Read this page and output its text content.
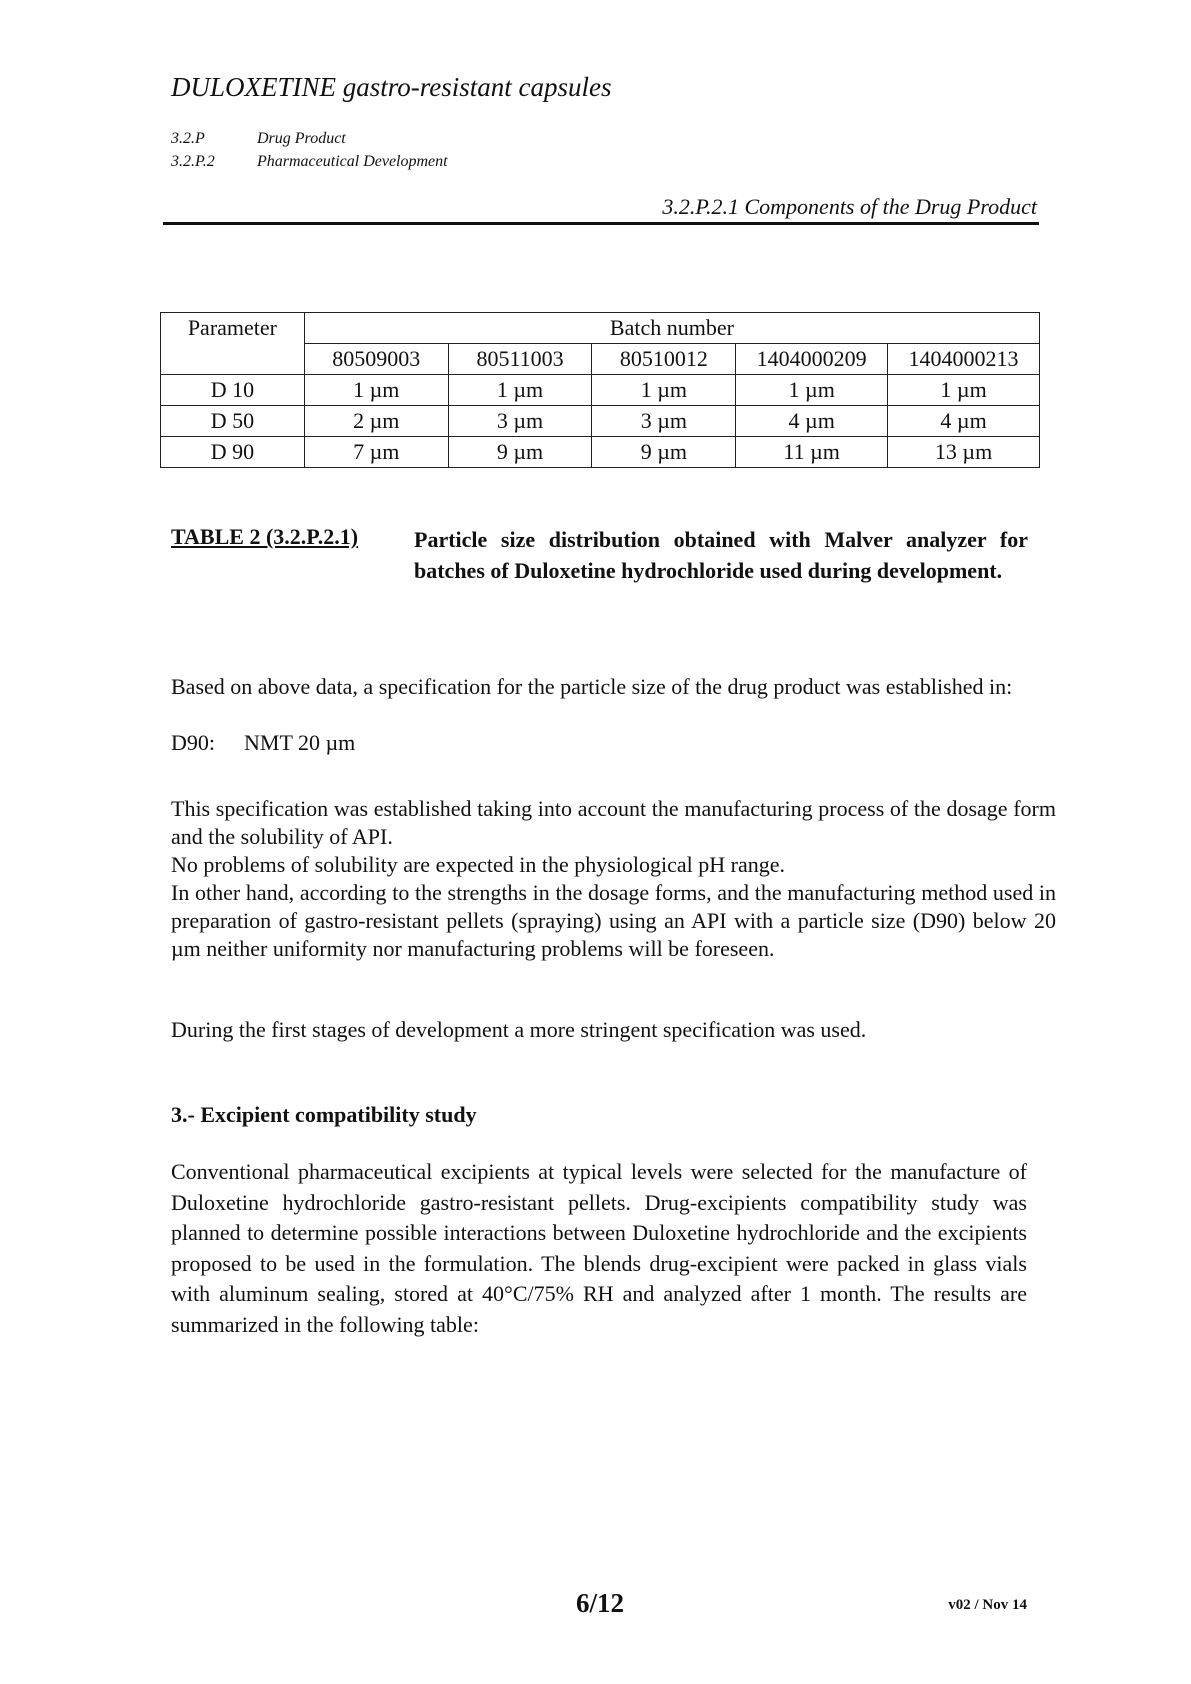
DULOXETINE gastro-resistant capsules
3.2.P	Drug Product
3.2.P.2	Pharmaceutical Development
3.2.P.2.1 Components of the Drug Product
Parameter	Batch number				
	80509003	80511003	80510012	1404000209	1404000213
D 10	1 µm	1 µm	1 µm	1 µm	1 µm
D 50	2 µm	3 µm	3 µm	4 µm	4 µm
D 90	7 µm	9 µm	9 µm	11 µm	13 µm
TABLE 2 (3.2.P.2.1)	Particle size distribution obtained with Malver analyzer for batches of Duloxetine hydrochloride used during development.
Based on above data, a specification for the particle size of the drug product was established in:
D90: NMT 20 µm

This specification was established taking into account the manufacturing process of the dosage form and the solubility of API.

No problems of solubility are expected in the physiological pH range.

In other hand, according to the strengths in the dosage forms, and the manufacturing method used in preparation of gastro-resistant pellets (spraying) using an API with a particle size (D90) below 20 µm neither uniformity nor manufacturing problems will be foreseen.

During the first stages of development a more stringent specification was used.
3.- Excipient compatibility study
Conventional pharmaceutical excipients at typical levels were selected for the manufacture of Duloxetine hydrochloride gastro-resistant pellets. Drug-excipients compatibility study was planned to determine possible interactions between Duloxetine hydrochloride and the excipients proposed to be used in the formulation. The blends drug-excipient were packed in glass vials with aluminum sealing, stored at 40°C/75% RH and analyzed after 1 month. The results are summarized in the following table:
6/12	v02 / Nov 14
